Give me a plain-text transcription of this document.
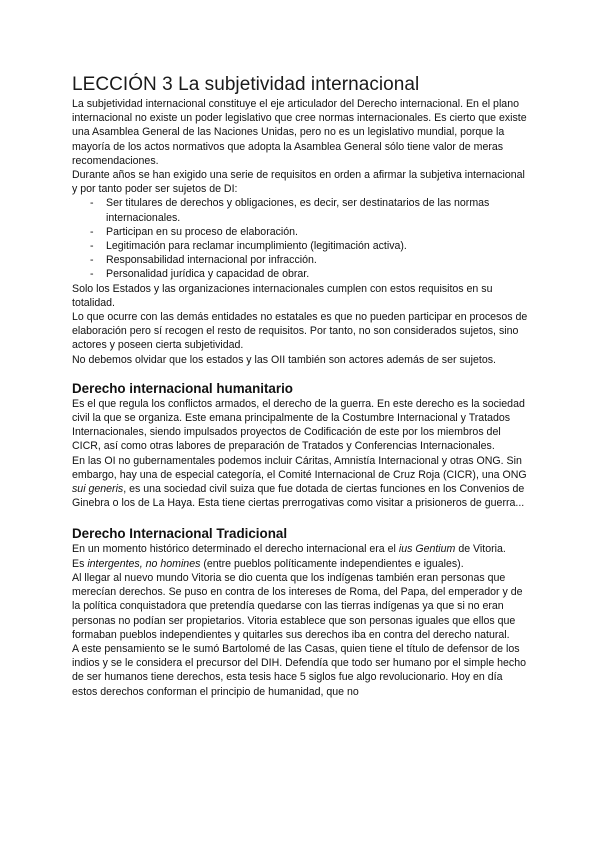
LECCIÓN 3 La subjetividad internacional

La subjetividad internacional constituye el eje articulador del Derecho internacional. En el plano internacional no existe un poder legislativo que cree normas internacionales. Es cierto que existe una Asamblea General de las Naciones Unidas, pero no es un legislativo mundial, porque la mayoría de los actos normativos que adopta la Asamblea General sólo tiene valor de meras recomendaciones.

Durante años se han exigido una serie de requisitos en orden a afirmar la subjetiva internacional y por tanto poder ser sujetos de DI:

- Ser titulares de derechos y obligaciones, es decir, ser destinatarios de las normas internacionales.
- Participan en su proceso de elaboración.
- Legitimación para reclamar incumplimiento (legitimación activa).
- Responsabilidad internacional por infracción.
- Personalidad jurídica y capacidad de obrar.

Solo los Estados y las organizaciones internacionales cumplen con estos requisitos en su totalidad.

Lo que ocurre con las demás entidades no estatales es que no pueden participar en procesos de elaboración pero sí recogen el resto de requisitos. Por tanto, no son considerados sujetos, sino actores y poseen cierta subjetividad.

No debemos olvidar que los estados y las OII también son actores además de ser sujetos.

Derecho internacional humanitario

Es el que regula los conflictos armados, el derecho de la guerra. En este derecho es la sociedad civil la que se organiza. Este emana principalmente de la Costumbre Internacional y Tratados Internacionales, siendo impulsados proyectos de Codificación de este por los miembros del CICR, así como otras labores de preparación de Tratados y Conferencias Internacionales.

En las OI no gubernamentales podemos incluir Cáritas, Amnistía Internacional y otras ONG. Sin embargo, hay una de especial categoría, el Comité Internacional de Cruz Roja (CICR), una ONG sui generis, es una sociedad civil suiza que fue dotada de ciertas funciones en los Convenios de Ginebra o los de La Haya. Esta tiene ciertas prerrogativas como visitar a prisioneros de guerra...

Derecho Internacional Tradicional

En un momento histórico determinado el derecho internacional era el ius Gentium de Vitoria.

Es intergentes, no homines (entre pueblos políticamente independientes e iguales).

Al llegar al nuevo mundo Vitoria se dio cuenta que los indígenas también eran personas que merecían derechos. Se puso en contra de los intereses de Roma, del Papa, del emperador y de la política conquistadora que pretendía quedarse con las tierras indígenas ya que si no eran personas no podían ser propietarios. Vitoria establece que son personas iguales que ellos que formaban pueblos independientes y quitarles sus derechos iba en contra del derecho natural.

A este pensamiento se le sumó Bartolomé de las Casas, quien tiene el título de defensor de los indios y se le considera el precursor del DIH. Defendía que todo ser humano por el simple hecho de ser humanos tiene derechos, esta tesis hace 5 siglos fue algo revolucionario. Hoy en día estos derechos conforman el principio de humanidad, que no
